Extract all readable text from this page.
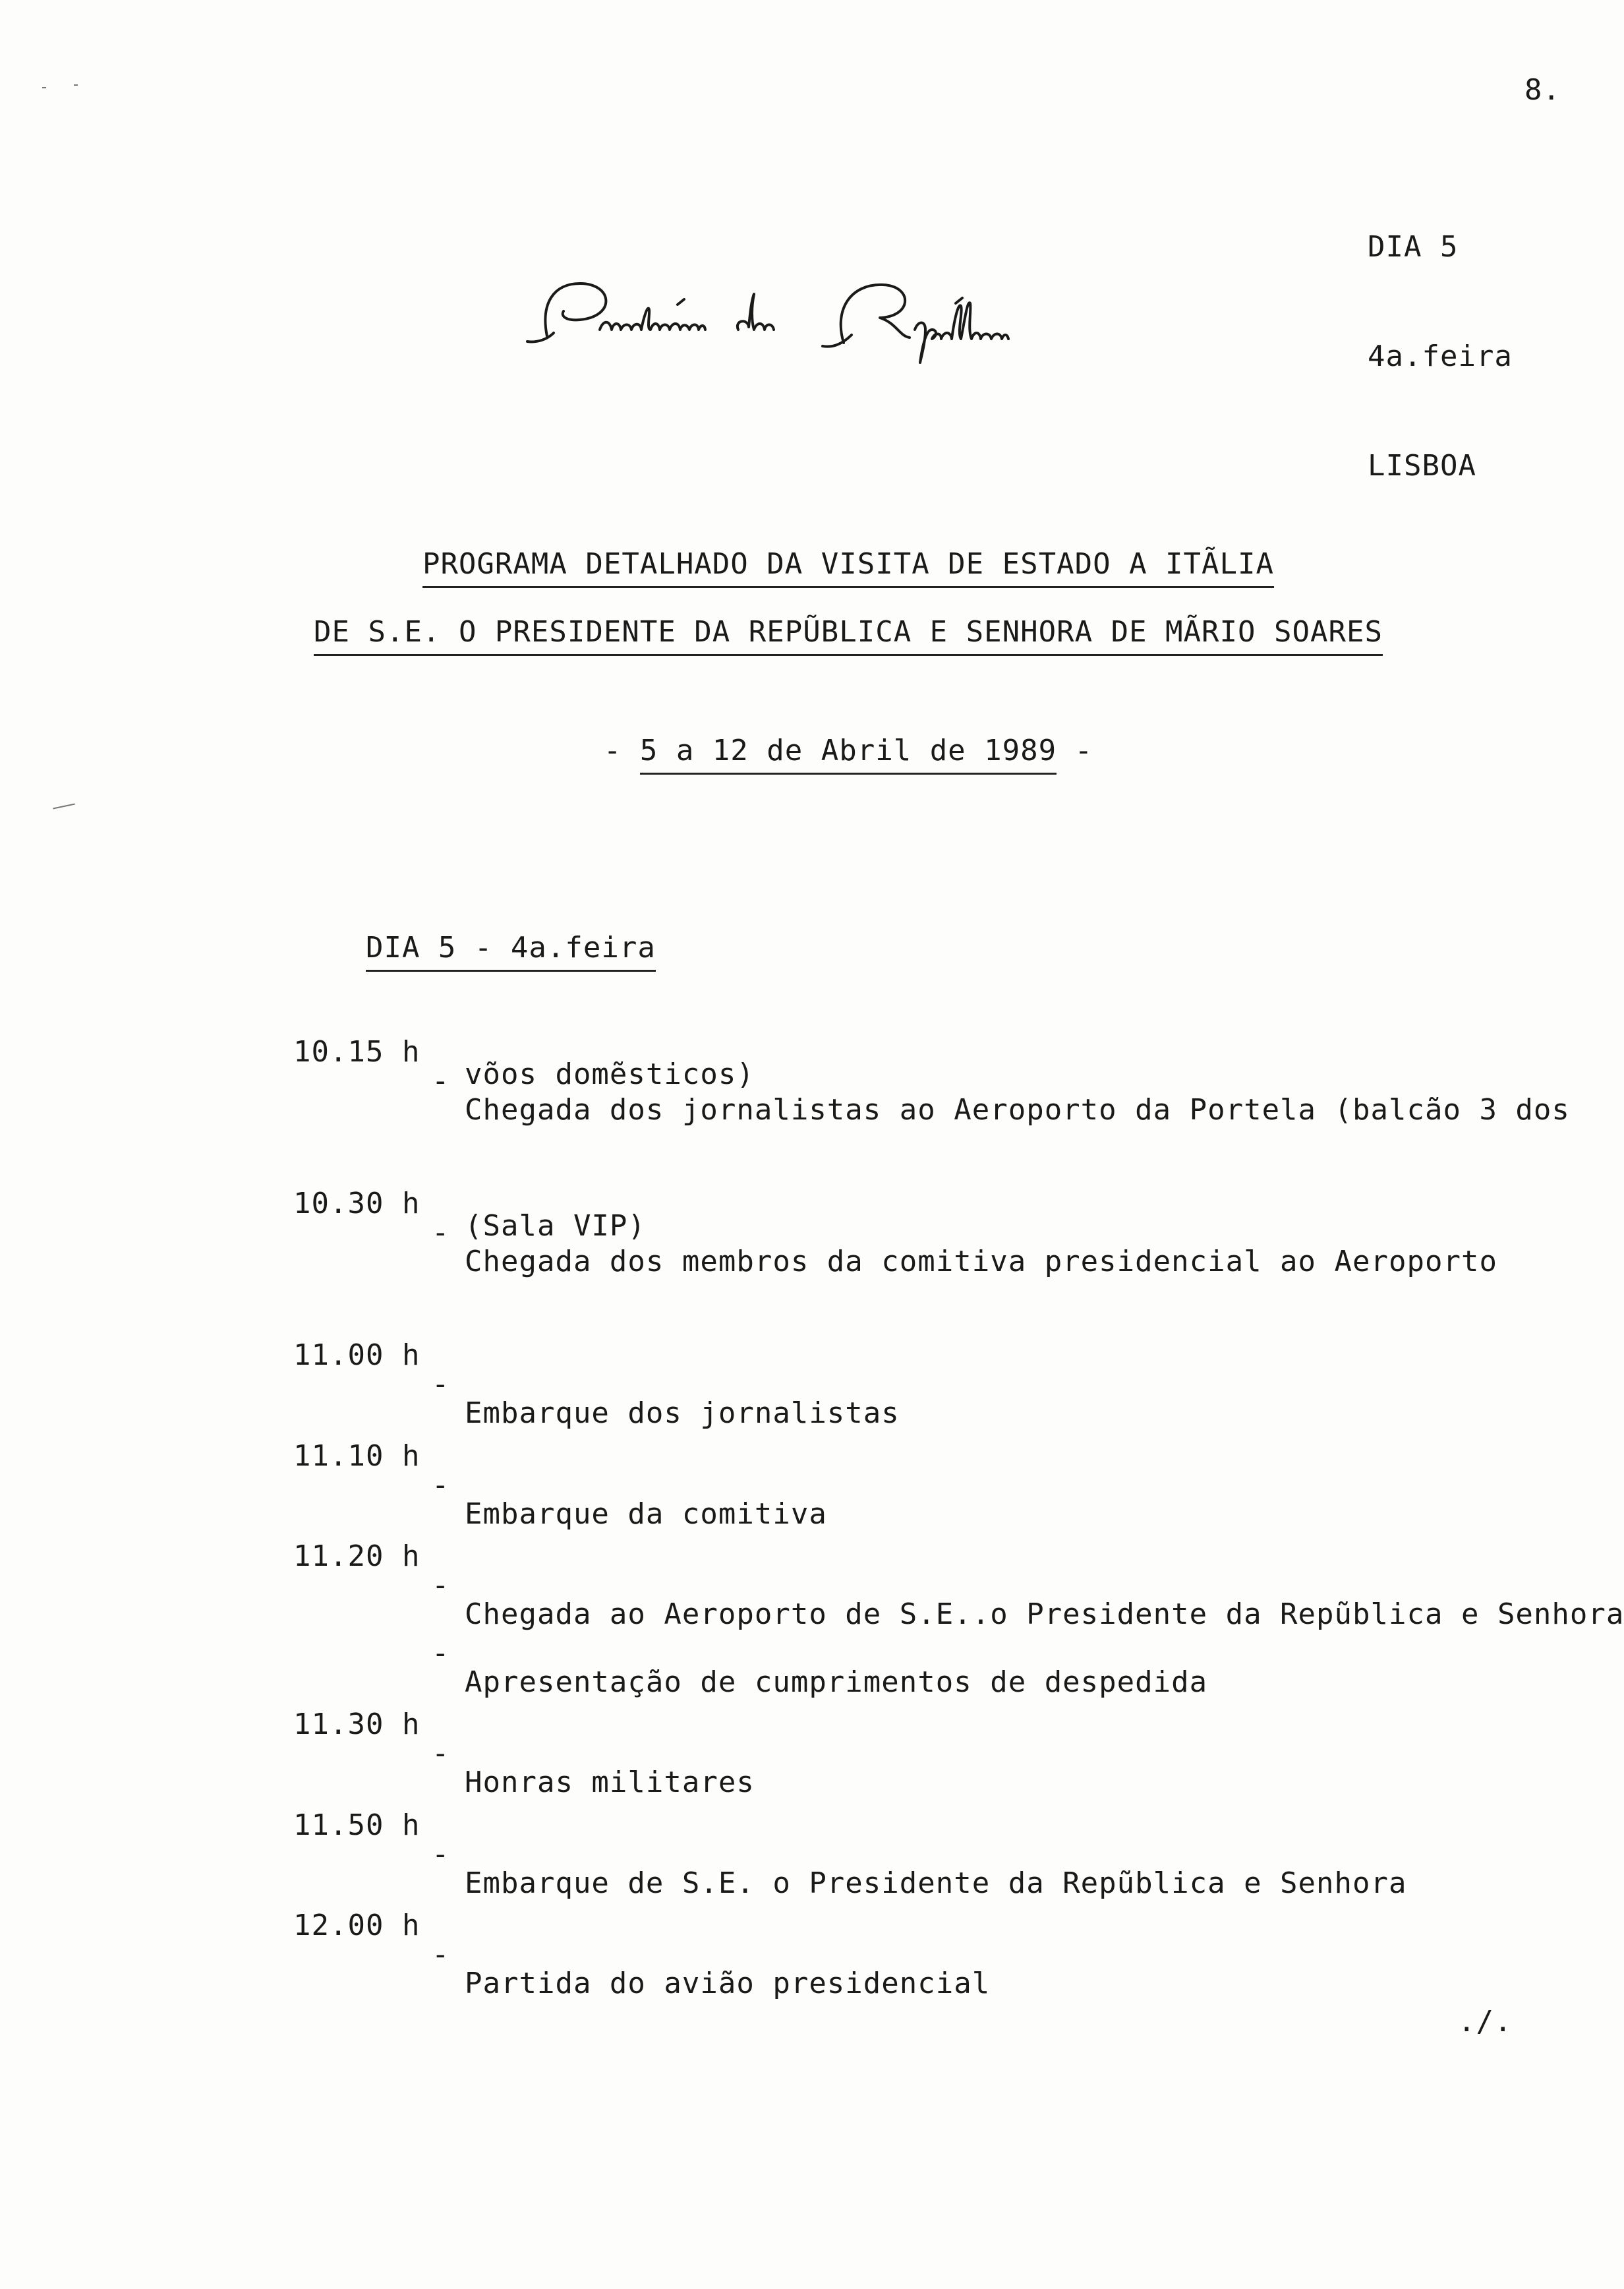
8.

DIA 5

4a.feira

LISBOA

PROGRAMA DETALHADO DA VISITA DE ESTADO A ITÃLIA

DE S.E. O PRESIDENTE DA REPŨBLICA E SENHORA DE MÃRIO SOARES

- 5 a 12 de Abril de 1989 -

DIA 5 - 4a.feira

10.15 h

-

Chegada dos jornalistas ao Aeroporto da Portela (balcão 3 dos

võos domẽsticos)

10.30 h

-

Chegada dos membros da comitiva presidencial ao Aeroporto

(Sala VIP)

11.00 h

-

Embarque dos jornalistas

11.10 h

-

Embarque da comitiva

11.20 h

-

Chegada ao Aeroporto de S.E..o Presidente da Repũblica e Senhora

-

Apresentação de cumprimentos de despedida

11.30 h

-

Honras militares

11.50 h

-

Embarque de S.E. o Presidente da Repũblica e Senhora

12.00 h

-

Partida do avião presidencial

./.
